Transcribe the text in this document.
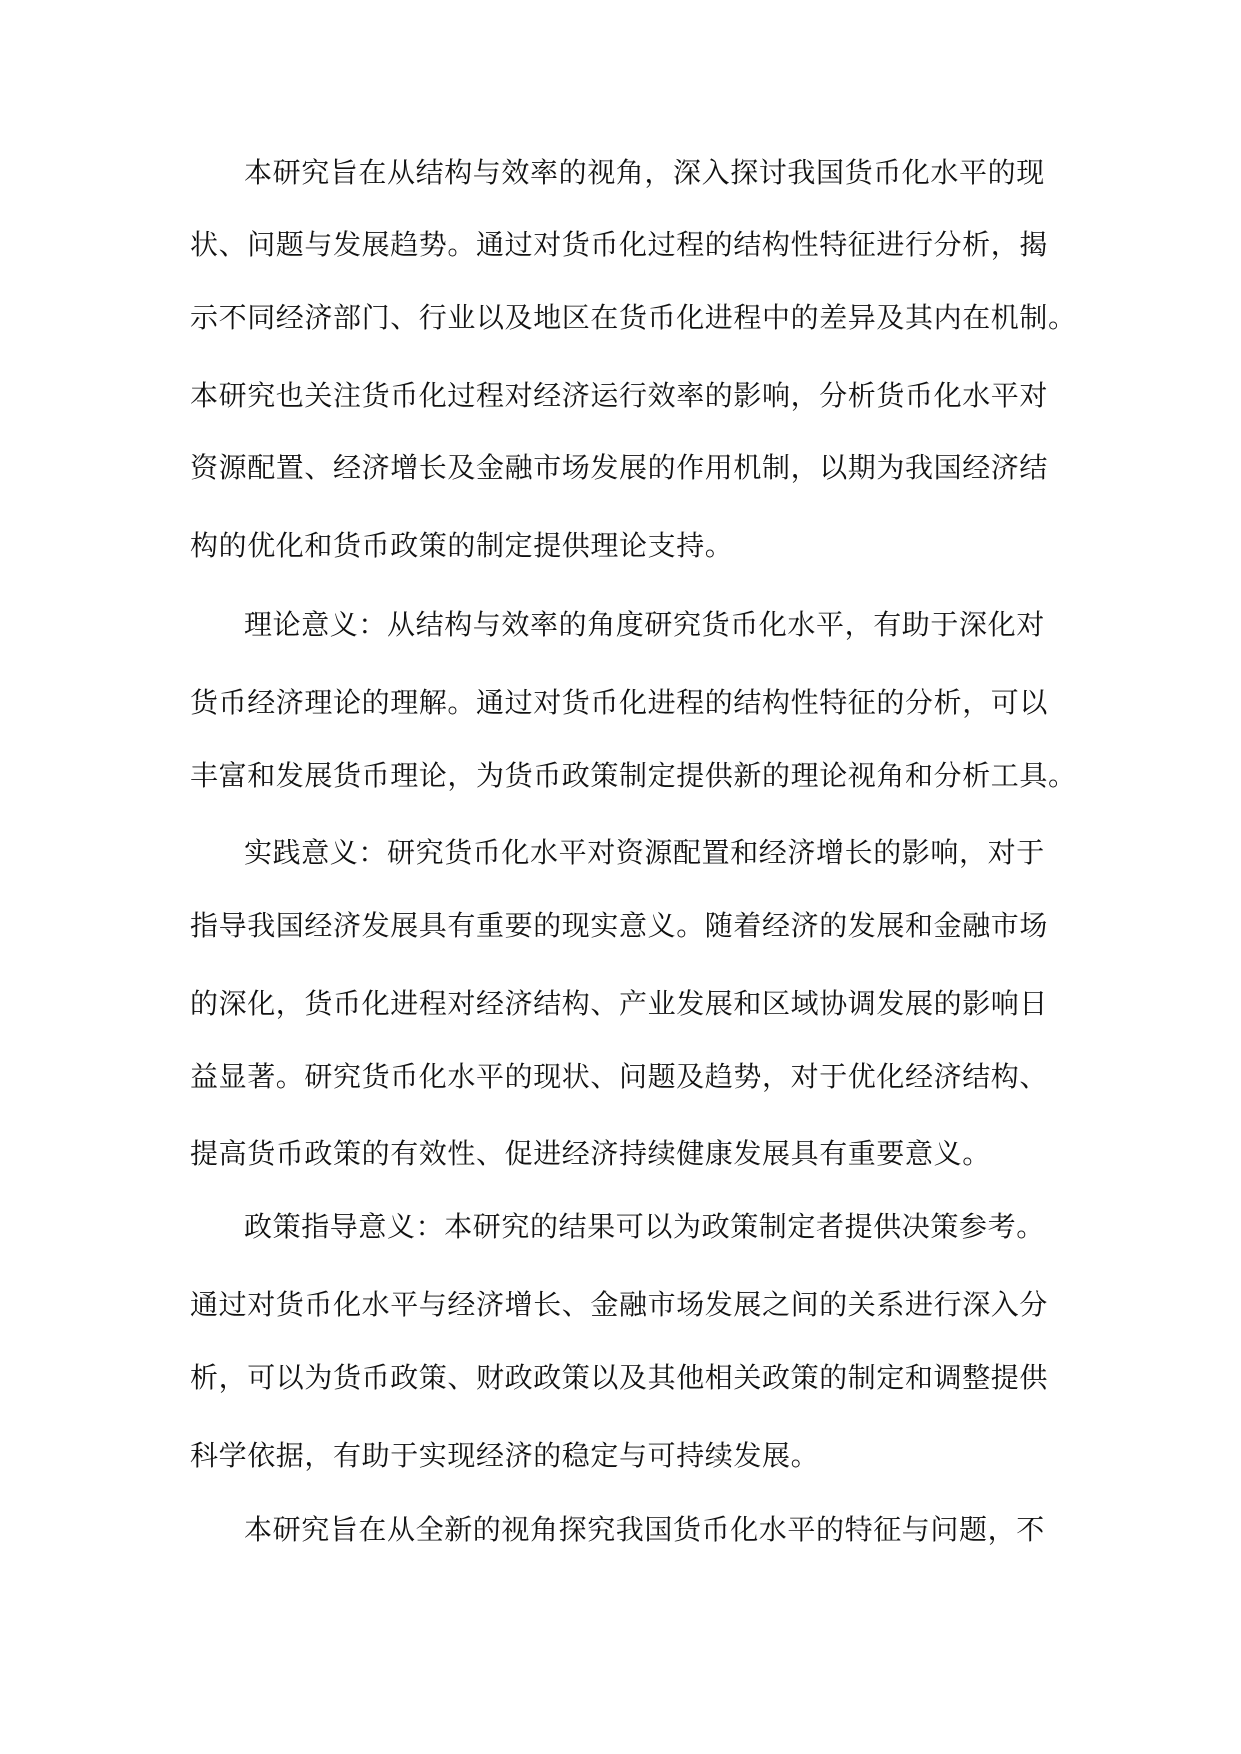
本研究旨在从结构与效率的视角，深入探讨我国货币化水平的现
状、问题与发展趋势。通过对货币化过程的结构性特征进行分析，揭
示不同经济部门、行业以及地区在货币化进程中的差异及其内在机制。
本研究也关注货币化过程对经济运行效率的影响，分析货币化水平对
资源配置、经济增长及金融市场发展的作用机制，以期为我国经济结
构的优化和货币政策的制定提供理论支持。
理论意义：从结构与效率的角度研究货币化水平，有助于深化对
货币经济理论的理解。通过对货币化进程的结构性特征的分析，可以
丰富和发展货币理论，为货币政策制定提供新的理论视角和分析工具。
实践意义：研究货币化水平对资源配置和经济增长的影响，对于
指导我国经济发展具有重要的现实意义。随着经济的发展和金融市场
的深化，货币化进程对经济结构、产业发展和区域协调发展的影响日
益显著。研究货币化水平的现状、问题及趋势，对于优化经济结构、
提高货币政策的有效性、促进经济持续健康发展具有重要意义。
政策指导意义：本研究的结果可以为政策制定者提供决策参考。
通过对货币化水平与经济增长、金融市场发展之间的关系进行深入分
析，可以为货币政策、财政政策以及其他相关政策的制定和调整提供
科学依据，有助于实现经济的稳定与可持续发展。
本研究旨在从全新的视角探究我国货币化水平的特征与问题，不
